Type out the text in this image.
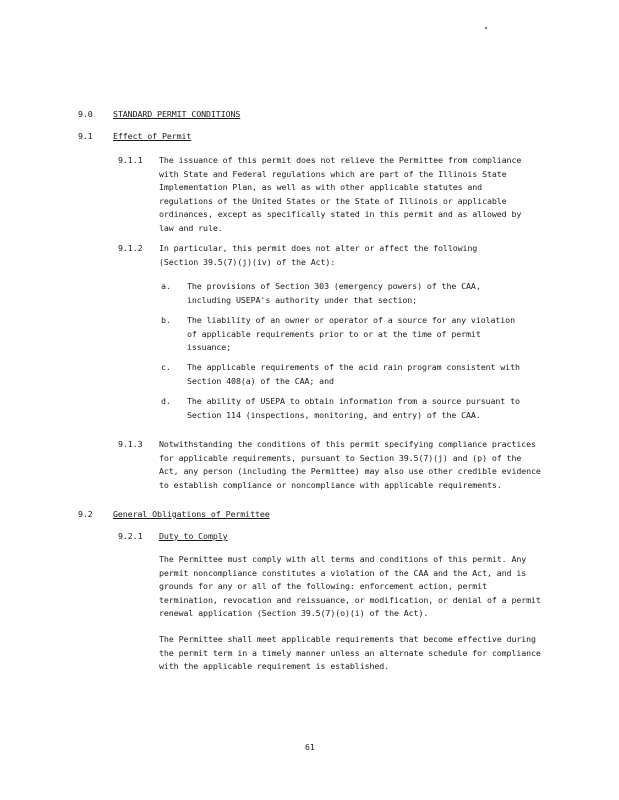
9.0 STANDARD PERMIT CONDITIONS
9.1 Effect of Permit
9.1.1 The issuance of this permit does not relieve the Permittee from compliance with State and Federal regulations which are part of the Illinois State Implementation Plan, as well as with other applicable statutes and regulations of the United States or the State of Illinois or applicable ordinances, except as specifically stated in this permit and as allowed by law and rule.
9.1.2 In particular, this permit does not alter or affect the following (Section 39.5(7)(j)(iv) of the Act):
a. The provisions of Section 303 (emergency powers) of the CAA, including USEPA's authority under that section;
b. The liability of an owner or operator of a source for any violation of applicable requirements prior to or at the time of permit issuance;
c. The applicable requirements of the acid rain program consistent with Section 408(a) of the CAA; and
d. The ability of USEPA to obtain information from a source pursuant to Section 114 (inspections, monitoring, and entry) of the CAA.
9.1.3 Notwithstanding the conditions of this permit specifying compliance practices for applicable requirements, pursuant to Section 39.5(7)(j) and (p) of the Act, any person (including the Permittee) may also use other credible evidence to establish compliance or noncompliance with applicable requirements.
9.2 General Obligations of Permittee
9.2.1 Duty to Comply
The Permittee must comply with all terms and conditions of this permit. Any permit noncompliance constitutes a violation of the CAA and the Act, and is grounds for any or all of the following: enforcement action, permit termination, revocation and reissuance, or modification, or denial of a permit renewal application (Section 39.5(7)(o)(i) of the Act).
The Permittee shall meet applicable requirements that become effective during the permit term in a timely manner unless an alternate schedule for compliance with the applicable requirement is established.
61
